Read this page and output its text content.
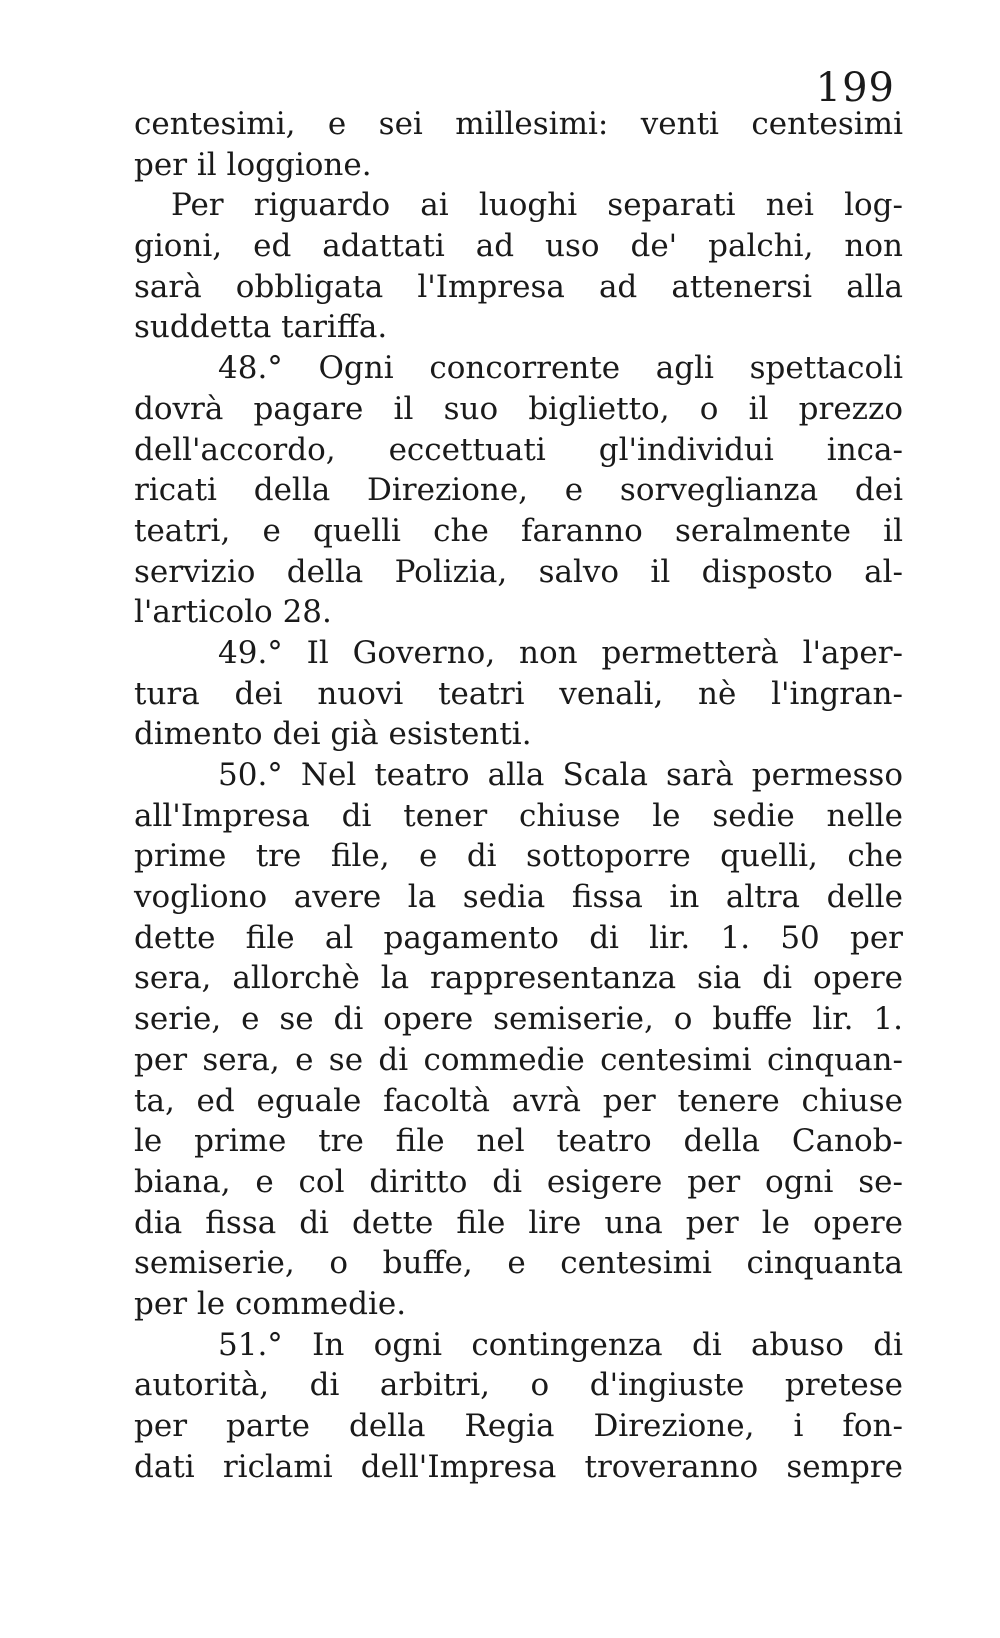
199
centesimi, e sei millesimi: venti centesimi
per il loggione.
Per riguardo ai luoghi separati nei log-
gioni, ed adattati ad uso de' palchi, non
sarà obbligata l'Impresa ad attenersi alla
suddetta tariffa.
48.° Ogni concorrente agli spettacoli
dovrà pagare il suo biglietto, o il prezzo
dell'accordo, eccettuati gl'individui inca-
ricati della Direzione, e sorveglianza dei
teatri, e quelli che faranno seralmente il
servizio della Polizia, salvo il disposto al-
l'articolo 28.
49.° Il Governo, non permetterà l'aper-
tura dei nuovi teatri venali, nè l'ingran-
dimento dei già esistenti.
50.° Nel teatro alla Scala sarà permesso
all'Impresa di tener chiuse le sedie nelle
prime tre file, e di sottoporre quelli, che
vogliono avere la sedia fissa in altra delle
dette file al pagamento di lir. 1. 50 per
sera, allorchè la rappresentanza sia di opere
serie, e se di opere semiserie, o buffe lir. 1.
per sera, e se di commedie centesimi cinquan-
ta, ed eguale facoltà avrà per tenere chiuse
le prime tre file nel teatro della Canob-
biana, e col diritto di esigere per ogni se-
dia fissa di dette file lire una per le opere
semiserie, o buffe, e centesimi cinquanta
per le commedie.
51.° In ogni contingenza di abuso di
autorità, di arbitri, o d'ingiuste pretese
per parte della Regia Direzione, i fon-
dati riclami dell'Impresa troveranno sempre
